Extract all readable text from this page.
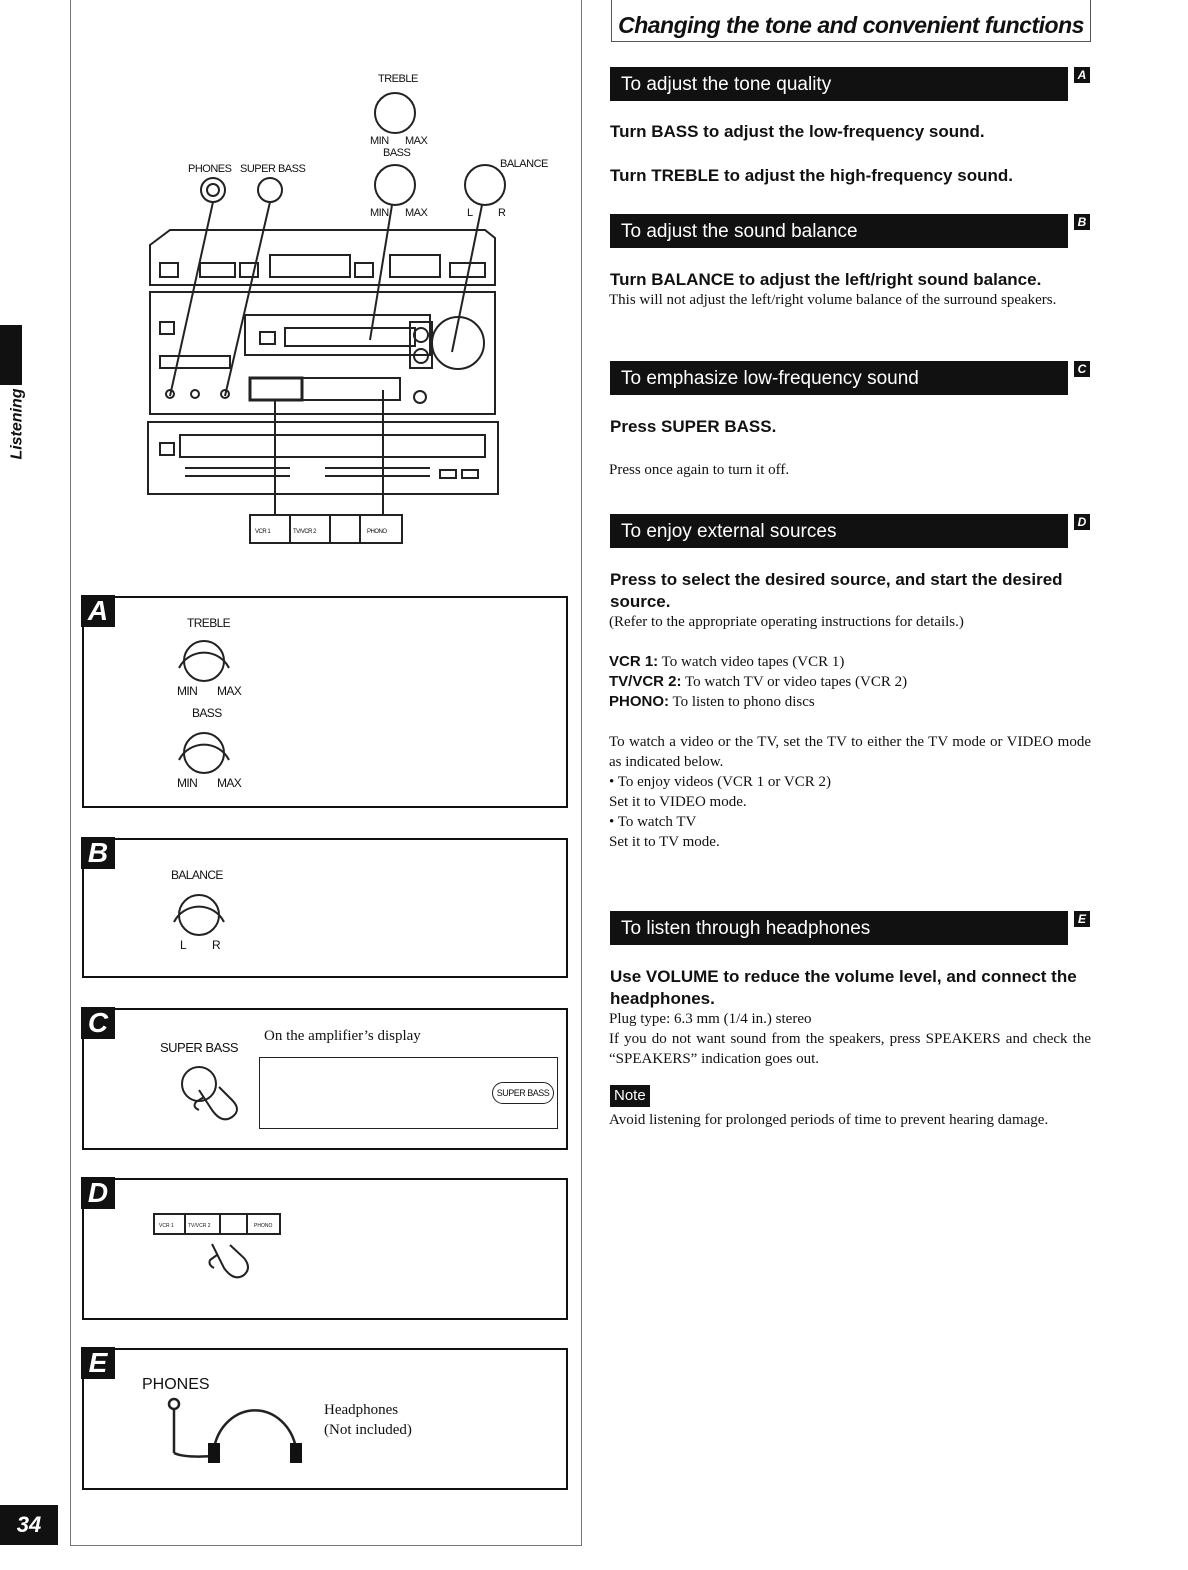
Listening
34
TREBLE
MIN MAX
BASS
MIN MAX
BALANCE
L R
PHONES SUPER BASS
VCR 1	TV/VCR 2	PHONO
A	TREBLE
MIN MAX
BASS
MIN MAX
B
BALANCE
L R
C
SUPER BASS
On the amplifier’s display
SUPER BASS
D
VCR 1	TV/VCR 2	PHONO
E
PHONES
Headphones
(Not included)
Changing the tone and convenient functions
To adjust the tone quality	A
Turn BASS to adjust the low-frequency sound.
Turn TREBLE to adjust the high-frequency sound.
To adjust the sound balance	B
Turn BALANCE to adjust the left/right sound balance.
This will not adjust the left/right volume balance of the surround speakers.
To emphasize low-frequency sound	C
Press SUPER BASS.
Press once again to turn it off.
To enjoy external sources	D
Press to select the desired source, and start the desired source.
(Refer to the appropriate operating instructions for details.)
VCR 1: To watch video tapes (VCR 1)
TV/VCR 2: To watch TV or video tapes (VCR 2)
PHONO: To listen to phono discs
To watch a video or the TV, set the TV to either the TV mode or VIDEO mode as indicated below.
• To enjoy videos (VCR 1 or VCR 2)
Set it to VIDEO mode.
• To watch TV
Set it to TV mode.
To listen through headphones	E
Use VOLUME to reduce the volume level, and connect the headphones.
Plug type: 6.3 mm (1/4 in.) stereo
If you do not want sound from the speakers, press SPEAKERS and check the “SPEAKERS” indication goes out.
Note
Avoid listening for prolonged periods of time to prevent hearing damage.
